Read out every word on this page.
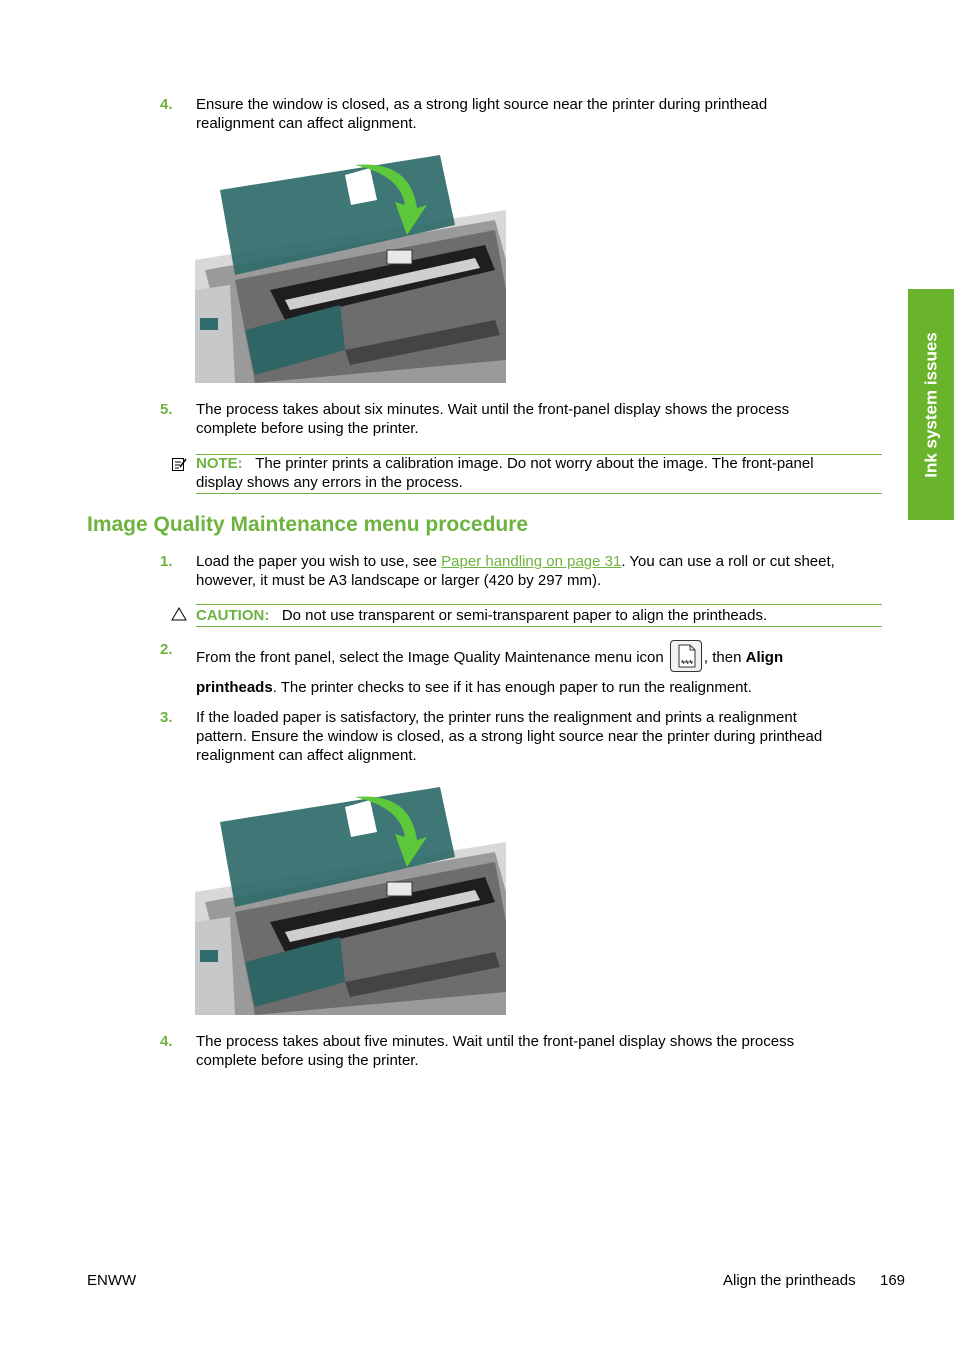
4.	Ensure the window is closed, as a strong light source near the printer during printhead
realignment can affect alignment.
5.	The process takes about six minutes. Wait until the front-panel display shows the process
complete before using the printer.
NOTE: The printer prints a calibration image. Do not worry about the image. The front-panel
display shows any errors in the process.
Image Quality Maintenance menu procedure
1.	Load the paper you wish to use, see Paper handling on page 31. You can use a roll or cut sheet,
however, it must be A3 landscape or larger (420 by 297 mm).
CAUTION: Do not use transparent or semi-transparent paper to align the printheads.
2.	From the front panel, select the Image Quality Maintenance menu icon	, then Align
printheads. The printer checks to see if it has enough paper to run the realignment.
3.	If the loaded paper is satisfactory, the printer runs the realignment and prints a realignment
pattern. Ensure the window is closed, as a strong light source near the printer during printhead
realignment can affect alignment.
4.	The process takes about five minutes. Wait until the front-panel display shows the process
complete before using the printer.
Ink system issues
ENWW	Align the printheads 169
